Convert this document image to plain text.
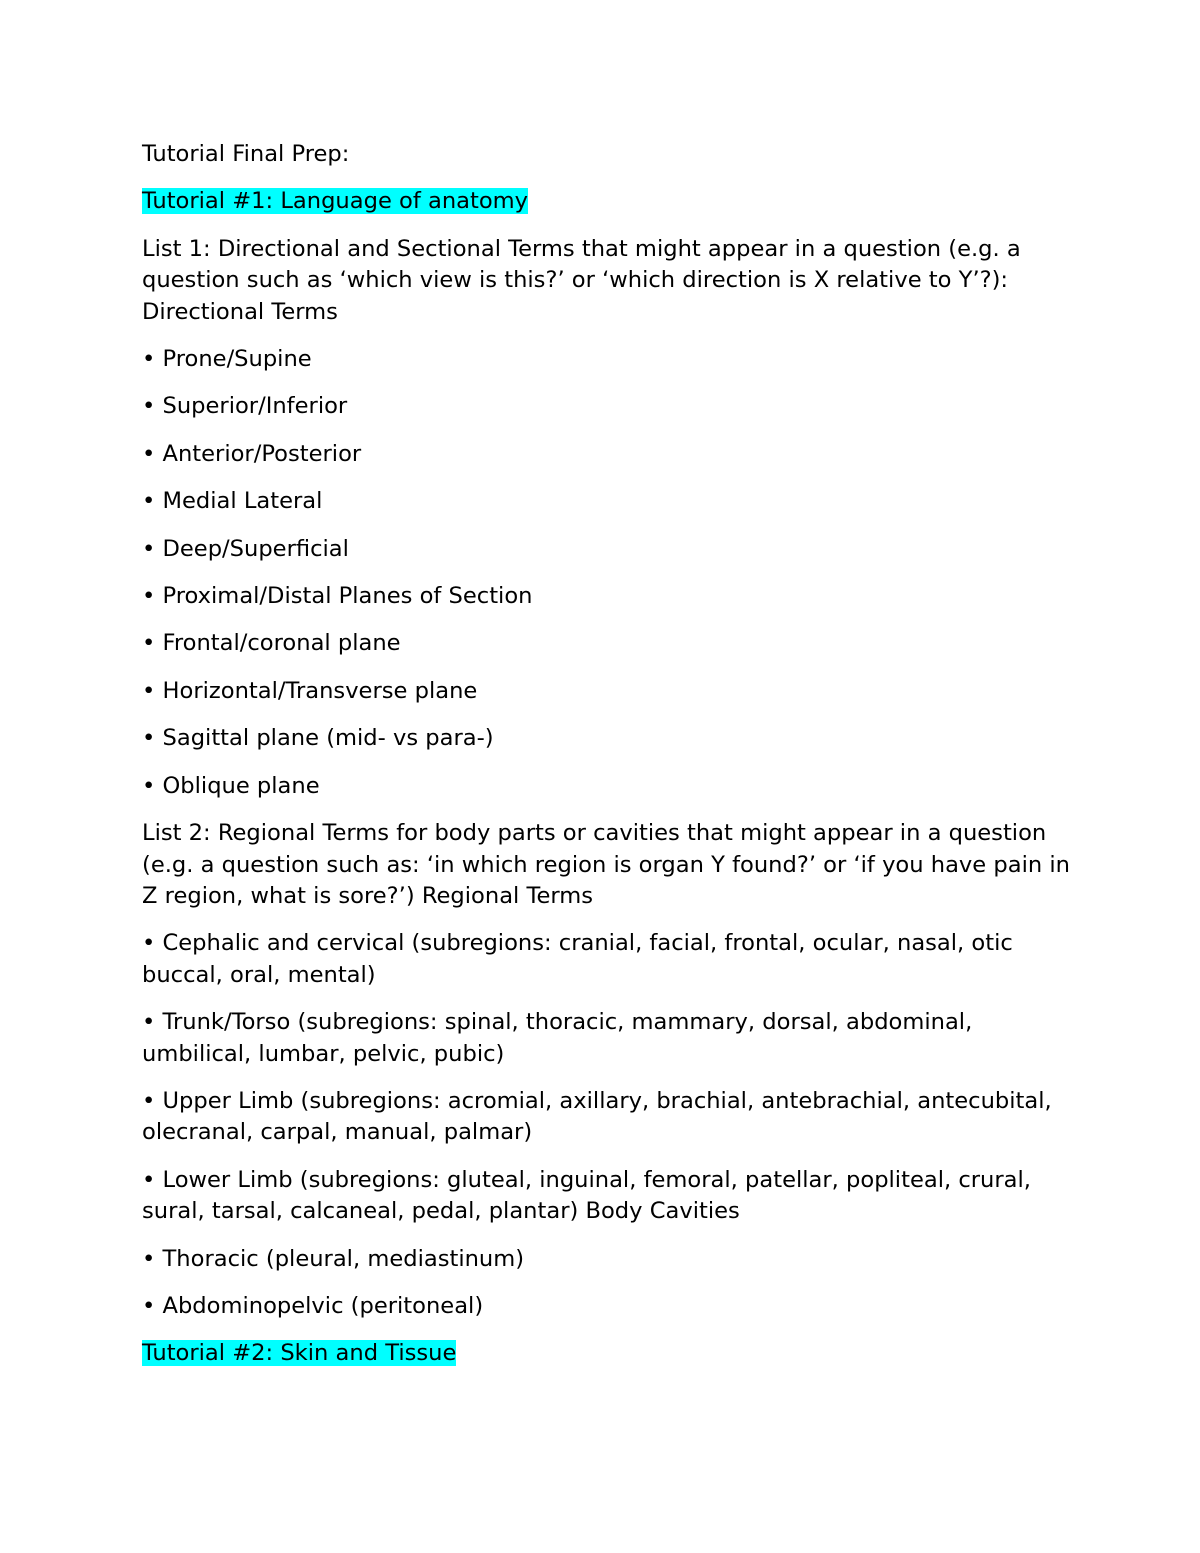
Tutorial Final Prep:

Tutorial #1: Language of anatomy

List 1: Directional and Sectional Terms that might appear in a question (e.g. a question such as ‘which view is this?’ or ‘which direction is X relative to Y’?): Directional Terms

• Prone/Supine

• Superior/Inferior

• Anterior/Posterior

• Medial Lateral

• Deep/Superficial

• Proximal/Distal Planes of Section

• Frontal/coronal plane

• Horizontal/Transverse plane

• Sagittal plane (mid- vs para-)

• Oblique plane

List 2: Regional Terms for body parts or cavities that might appear in a question (e.g. a question such as: ‘in which region is organ Y found?’ or ‘if you have pain in Z region, what is sore?’) Regional Terms

• Cephalic and cervical (subregions: cranial, facial, frontal, ocular, nasal, otic buccal, oral, mental)

• Trunk/Torso (subregions: spinal, thoracic, mammary, dorsal, abdominal, umbilical, lumbar, pelvic, pubic)

• Upper Limb (subregions: acromial, axillary, brachial, antebrachial, antecubital, olecranal, carpal, manual, palmar)

• Lower Limb (subregions: gluteal, inguinal, femoral, patellar, popliteal, crural, sural, tarsal, calcaneal, pedal, plantar) Body Cavities

• Thoracic (pleural, mediastinum)

• Abdominopelvic (peritoneal)

Tutorial #2: Skin and Tissue
